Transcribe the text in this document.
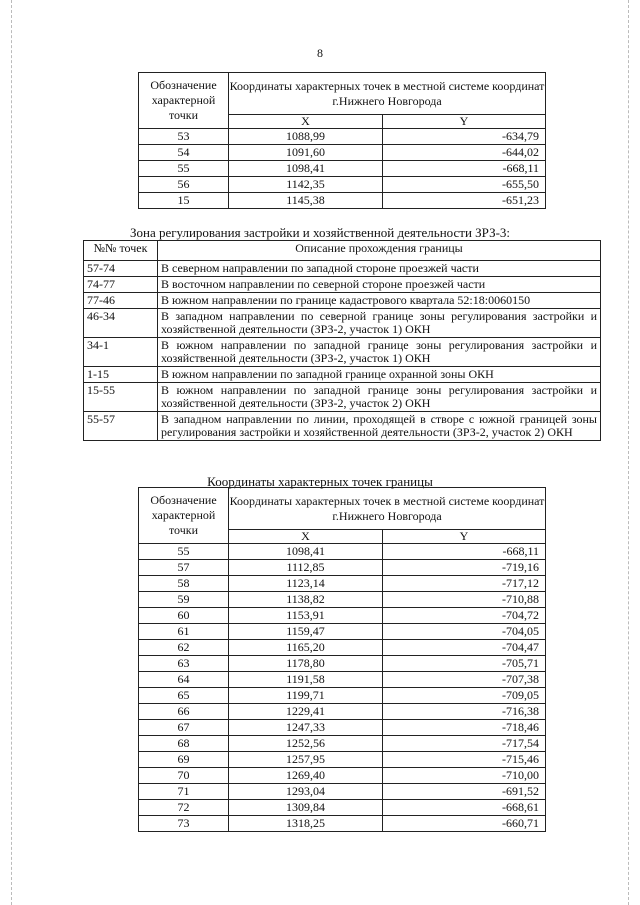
8
Обозначение характерной точки	Координаты характерных точек в местной системе координат г.Нижнего Новгорода	
	X	Y
53	1088,99	-634,79
54	1091,60	-644,02
55	1098,41	-668,11
56	1142,35	-655,50
15	1145,38	-651,23
Зона регулирования застройки и хозяйственной деятельности ЗРЗ-3:
№№ точек	Описание прохождения границы
57-74	В северном направлении по западной стороне проезжей части
74-77	В восточном направлении по северной стороне проезжей части
77-46	В южном направлении по границе кадастрового квартала 52:18:0060150
46-34	В западном направлении по северной границе зоны регулирования застройки и хозяйственной деятельности (ЗРЗ-2, участок 1) ОКН
34-1	В южном направлении по западной границе зоны регулирования застройки и хозяйственной деятельности (ЗРЗ-2, участок 1) ОКН
1-15	В южном направлении по западной границе охранной зоны ОКН
15-55	В южном направлении по западной границе зоны регулирования застройки и хозяйственной деятельности (ЗРЗ-2, участок 2) ОКН
55-57	В западном направлении по линии, проходящей в створе с южной границей зоны регулирования застройки и хозяйственной деятельности (ЗРЗ-2, участок 2) ОКН
Координаты характерных точек границы
Обозначение характерной точки	Координаты характерных точек в местной системе координат г.Нижнего Новгорода	
	X	Y
55	1098,41	-668,11
57	1112,85	-719,16
58	1123,14	-717,12
59	1138,82	-710,88
60	1153,91	-704,72
61	1159,47	-704,05
62	1165,20	-704,47
63	1178,80	-705,71
64	1191,58	-707,38
65	1199,71	-709,05
66	1229,41	-716,38
67	1247,33	-718,46
68	1252,56	-717,54
69	1257,95	-715,46
70	1269,40	-710,00
71	1293,04	-691,52
72	1309,84	-668,61
73	1318,25	-660,71
